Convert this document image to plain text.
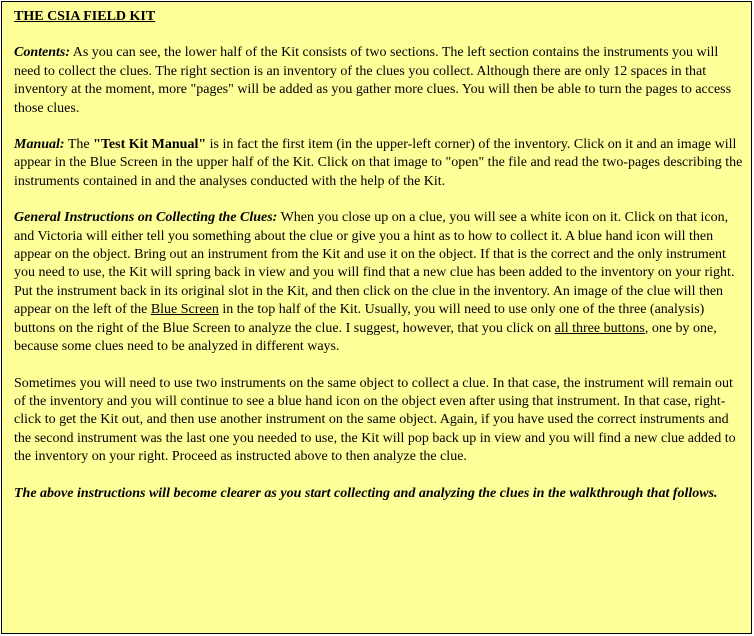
THE CSIA FIELD KIT

Contents: As you can see, the lower half of the Kit consists of two sections. The left section contains the instruments you will need to collect the clues. The right section is an inventory of the clues you collect. Although there are only 12 spaces in that inventory at the moment, more "pages" will be added as you gather more clues. You will then be able to turn the pages to access those clues.

Manual: The "Test Kit Manual" is in fact the first item (in the upper-left corner) of the inventory. Click on it and an image will appear in the Blue Screen in the upper half of the Kit. Click on that image to "open" the file and read the two-pages describing the instruments contained in and the analyses conducted with the help of the Kit.

General Instructions on Collecting the Clues: When you close up on a clue, you will see a white icon on it. Click on that icon, and Victoria will either tell you something about the clue or give you a hint as to how to collect it. A blue hand icon will then appear on the object. Bring out an instrument from the Kit and use it on the object. If that is the correct and the only instrument you need to use, the Kit will spring back in view and you will find that a new clue has been added to the inventory on your right. Put the instrument back in its original slot in the Kit, and then click on the clue in the inventory. An image of the clue will then appear on the left of the Blue Screen in the top half of the Kit. Usually, you will need to use only one of the three (analysis) buttons on the right of the Blue Screen to analyze the clue. I suggest, however, that you click on all three buttons, one by one, because some clues need to be analyzed in different ways.

Sometimes you will need to use two instruments on the same object to collect a clue. In that case, the instrument will remain out of the inventory and you will continue to see a blue hand icon on the object even after using that instrument. In that case, right-click to get the Kit out, and then use another instrument on the same object. Again, if you have used the correct instruments and the second instrument was the last one you needed to use, the Kit will pop back up in view and you will find a new clue added to the inventory on your right. Proceed as instructed above to then analyze the clue.

The above instructions will become clearer as you start collecting and analyzing the clues in the walkthrough that follows.
